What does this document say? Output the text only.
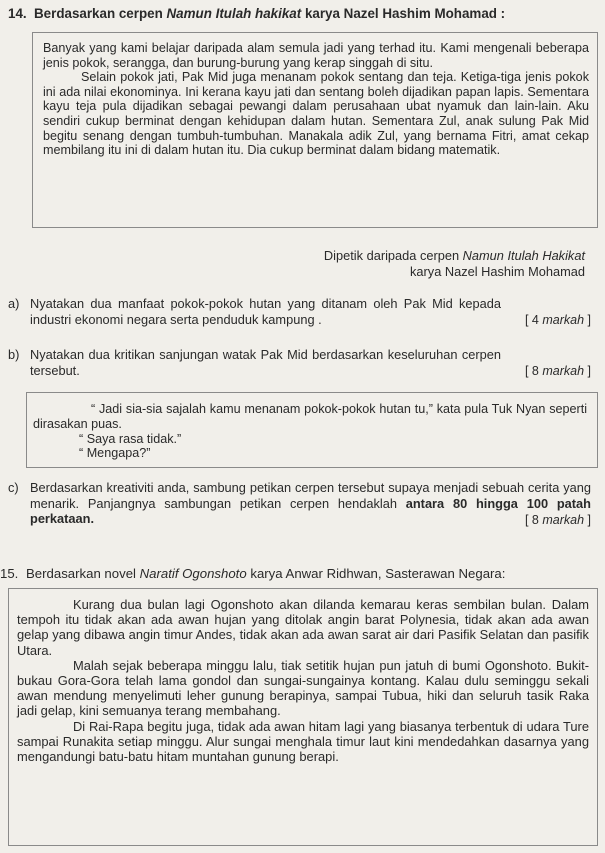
14. Berdasarkan cerpen Namun Itulah hakikat karya Nazel Hashim Mohamad :

Banyak yang kami belajar daripada alam semula jadi yang terhad itu. Kami mengenali beberapa jenis pokok, serangga, dan burung-burung yang kerap singgah di situ.

Selain pokok jati, Pak Mid juga menanam pokok sentang dan teja. Ketiga-tiga jenis pokok ini ada nilai ekonominya. Ini kerana kayu jati dan sentang boleh dijadikan papan lapis. Sementara kayu teja pula dijadikan sebagai pewangi dalam perusahaan ubat nyamuk dan lain-lain. Aku sendiri cukup berminat dengan kehidupan dalam hutan. Sementara Zul, anak sulung Pak Mid begitu senang dengan tumbuh-tumbuhan. Manakala adik Zul, yang bernama Fitri, amat cekap membilang itu ini di dalam hutan itu. Dia cukup berminat dalam bidang matematik.

Dipetik daripada cerpen Namun Itulah Hakikat
karya Nazel Hashim Mohamad
a) Nyatakan dua manfaat pokok-pokok hutan yang ditanam oleh Pak Mid kepada industri ekonomi negara serta penduduk kampung .	[ 4 markah ]
b) Nyatakan dua kritikan sanjungan watak Pak Mid berdasarkan keseluruhan cerpen tersebut.	[ 8 markah ]
“ Jadi sia-sia sajalah kamu menanam pokok-pokok hutan tu,” kata pula Tuk Nyan seperti dirasakan puas.
“ Saya rasa tidak.”
“ Mengapa?”
c) Berdasarkan kreativiti anda, sambung petikan cerpen tersebut supaya menjadi sebuah cerita yang menarik. Panjangnya sambungan petikan cerpen hendaklah antara 80 hingga 100 patah perkataan.	[ 8 markah ]
15. Berdasarkan novel Naratif Ogonshoto karya Anwar Ridhwan, Sasterawan Negara:

Kurang dua bulan lagi Ogonshoto akan dilanda kemarau keras sembilan bulan. Dalam tempoh itu tidak akan ada awan hujan yang ditolak angin barat Polynesia, tidak akan ada awan gelap yang dibawa angin timur Andes, tidak akan ada awan sarat air dari Pasifik Selatan dan pasifik Utara.

Malah sejak beberapa minggu lalu, tiak setitik hujan pun jatuh di bumi Ogonshoto. Bukit-bukau Gora-Gora telah lama gondol dan sungai-sungainya kontang. Kalau dulu seminggu sekali awan mendung menyelimuti leher gunung berapinya, sampai Tubua, hiki dan seluruh tasik Raka jadi gelap, kini semuanya terang membahang.

Di Rai-Rapa begitu juga, tidak ada awan hitam lagi yang biasanya terbentuk di udara Ture sampai Runakita setiap minggu. Alur sungai menghala timur laut kini mendedahkan dasarnya yang mengandungi batu-batu hitam muntahan gunung berapi.
